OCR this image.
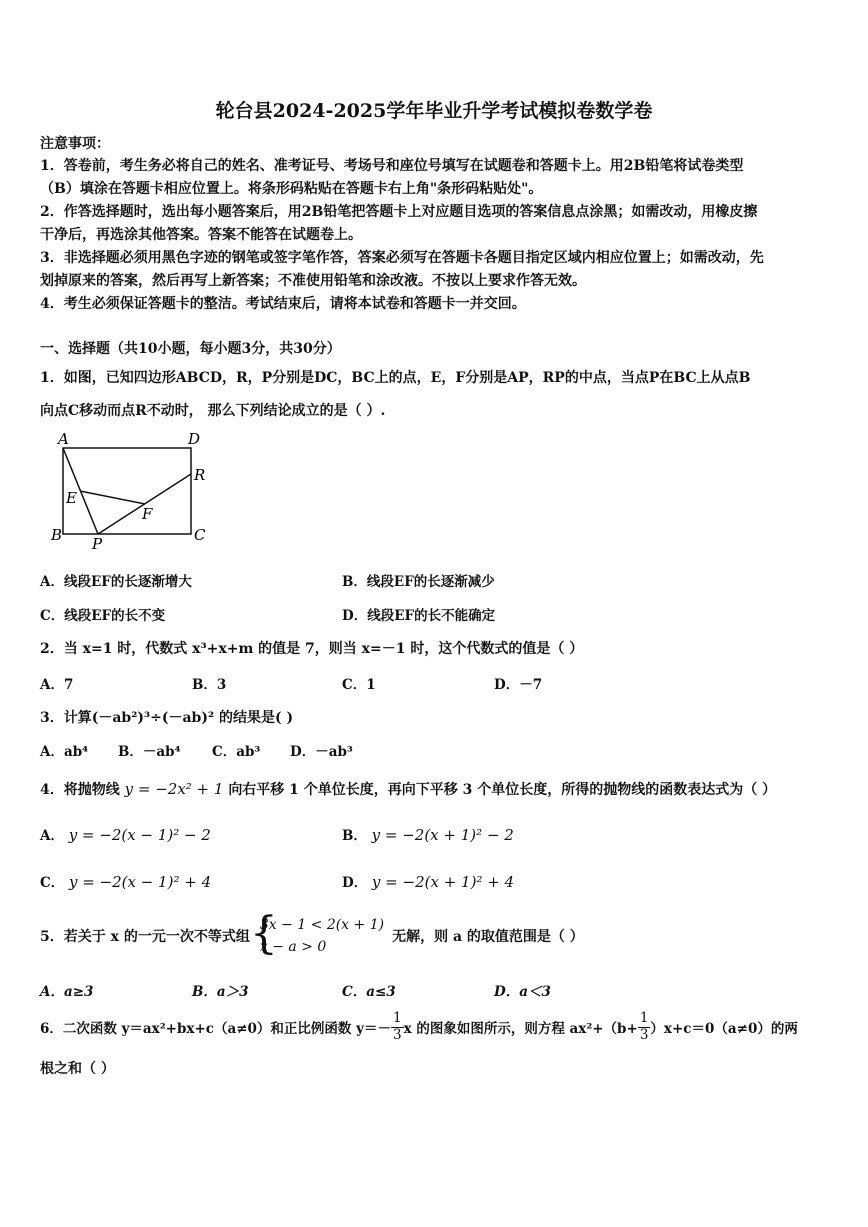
轮台县2024-2025学年毕业升学考试模拟卷数学卷
注意事项：
1．答卷前，考生务必将自己的姓名、准考证号、考场号和座位号填写在试题卷和答题卡上。用2B铅笔将试卷类型
（B）填涂在答题卡相应位置上。将条形码粘贴在答题卡右上角"条形码粘贴处"。
2．作答选择题时，选出每小题答案后，用2B铅笔把答题卡上对应题目选项的答案信息点涂黑；如需改动，用橡皮擦
干净后，再选涂其他答案。答案不能答在试题卷上。
3．非选择题必须用黑色字迹的钢笔或签字笔作答，答案必须写在答题卡各题目指定区域内相应位置上；如需改动，先
划掉原来的答案，然后再写上新答案；不准使用铅笔和涂改液。不按以上要求作答无效。
4．考生必须保证答题卡的整洁。考试结束后，请将本试卷和答题卡一并交回。
一、选择题（共10小题，每小题3分，共30分）
1．如图，已知四边形ABCD，R，P分别是DC，BC上的点，E，F分别是AP，RP的中点，当点P在BC上从点B
向点C移动而点R不动时， 那么下列结论成立的是（ ）.
A	D
R
E
F
B P	C
A．线段EF的长逐渐增大	B．线段EF的长逐渐减少
C．线段EF的长不变	D．线段EF的长不能确定
2．当 x=1 时，代数式 x³+x+m 的值是 7，则当 x=－1 时，这个代数式的值是（ ）
A．7	B．3	C．1	D．－7
3．计算(－ab²)³÷(－ab)² 的结果是( )
A．ab⁴ B．－ab⁴ C．ab³ D．－ab³
4．将抛物线 y = −2x² + 1 向右平移 1 个单位长度，再向下平移 3 个单位长度，所得的抛物线的函数表达式为（ ）
A． y = −2(x − 1)² − 2	B． y = −2(x + 1)² − 2
C． y = −2(x − 1)² + 4	D． y = −2(x + 1)² + 4
5．若关于 x 的一元一次不等式组 {
3x − 1 < 2(x + 1)
x − a > 0
无解，则 a 的取值范围是（ ）
A．a≥3	B．a＞3	C．a≤3	D．a＜3
6．二次函数 y＝ax²+bx+c（a≠0）和正比例函数 $y=- \frac{1}{3}$ x 的图象如图所示，则方程 $ax^2+(b+ \frac{1}{3} )x+c=0(a\ne 0)$的两
根之和（ ）
